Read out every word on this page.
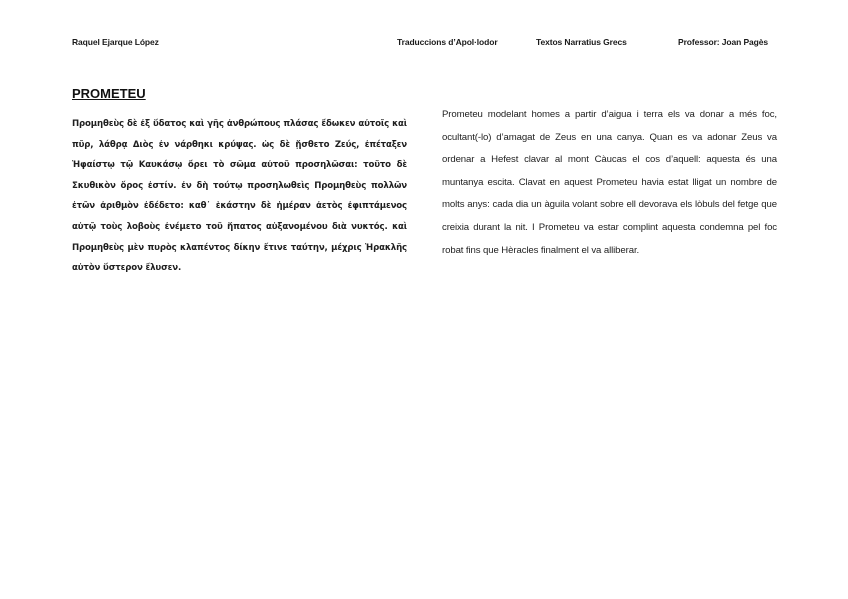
Raquel Ejarque López	Traduccions d’Apol·lodor	Textos Narratius Grecs	Professor: Joan Pagès
PROMETEU

Προμηθεὺς δὲ ἐξ ὕδατος καὶ γῆς ἀνθρώπους πλάσας ἔδωκεν αὐτοῖς καὶ πῦρ, λάθρᾳ Διὸς ἐν νάρθηκι κρύψας. ὡς δὲ ᾔσθετο Ζεύς, ἐπέταξεν Ἡφαίστῳ τῷ Καυκάσῳ ὄρει τὸ σῶμα αὐτοῦ προσηλῶσαι: τοῦτο δὲ Σκυθικὸν ὄρος ἐστίν. ἐν δὴ τούτῳ προσηλωθεὶς Προμηθεὺς πολλῶν ἐτῶν ἀριθμὸν ἐδέδετο: καθ᾽ ἑκάστην δὲ ἡμέραν ἀετὸς ἐφιπτάμενος αὐτῷ τοὺς λοβοὺς ἐνέμετο τοῦ ἥπατος αὐξανομένου διὰ νυκτός. καὶ Προμηθεὺς μὲν πυρὸς κλαπέντος δίκην ἔτινε ταύτην, μέχρις Ἡρακλῆς αὐτὸν ὕστερον ἔλυσεν.

Prometeu modelant homes a partir d’aigua i terra els va donar a més foc, ocultant(-lo) d’amagat de Zeus en una canya. Quan es va adonar Zeus va ordenar a Hefest clavar al mont Càucas el cos d’aquell: aquesta és una muntanya escita. Clavat en aquest Prometeu havia estat lligat un nombre de molts anys: cada dia un àguila volant sobre ell devorava els lòbuls del fetge que creixia durant la nit. I Prometeu va estar complint aquesta condemna pel foc robat fins que Hèracles finalment el va alliberar.
